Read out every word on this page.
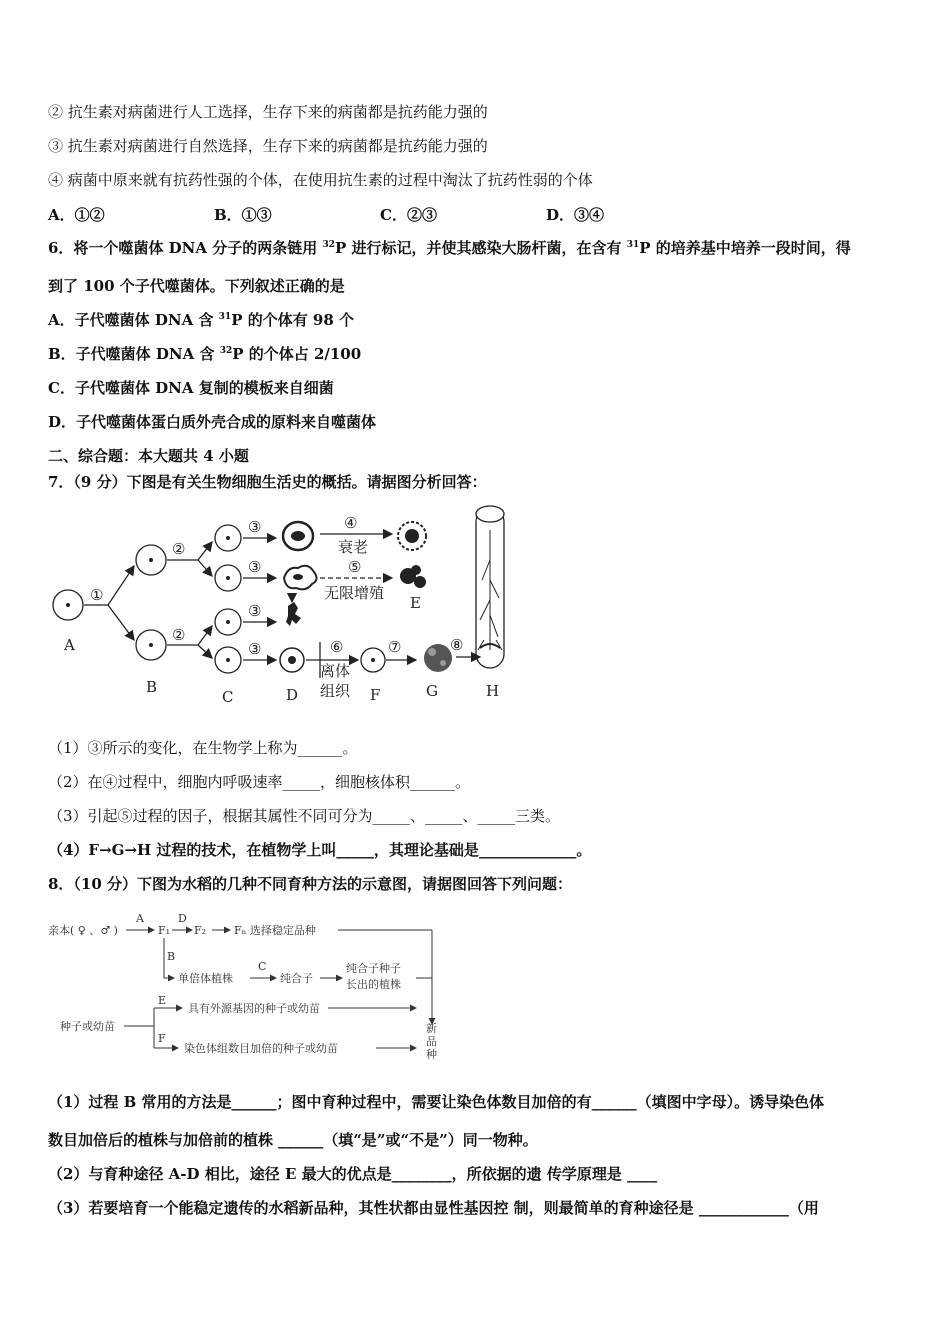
② 抗生素对病菌进行人工选择，生存下来的病菌都是抗药能力强的
③ 抗生素对病菌进行自然选择，生存下来的病菌都是抗药能力强的
④ 病菌中原来就有抗药性强的个体，在使用抗生素的过程中淘汰了抗药性弱的个体
A．①②	B．①③	C．②③	D．③④
6．将一个噬菌体 DNA 分子的两条链用 $^{32}$P 进行标记，并使其感染大肠杆菌，在含有 $^{31}$P 的培养基中培养一段时间，得
到了 100 个子代噬菌体。下列叙述正确的是
A．子代噬菌体 DNA 含 $^{31}$P 的个体有 98 个
B．子代噬菌体 DNA 含 $^{32}$P 的个体占 2/100
C．子代噬菌体 DNA 复制的模板来自细菌
D．子代噬菌体蛋白质外壳合成的原料来自噬菌体
二、综合题：本大题共 4 小题
7．（9 分）下图是有关生物细胞生活史的概括。请据图分析回答：
①
②
②
③
③
③
③
④
衰老
⑤
无限增殖
⑥
离体
组织
⑦	⑧
A
B
C	D
E
F	G	H
（1）③所示的变化，在生物学上称为______。
（2）在④过程中，细胞内呼吸速率_____，细胞核体积______。
（3）引起⑤过程的因子，根据其属性不同可分为_____、_____、_____三类。
（4）F→G→H 过程的技术，在植物学上叫_____，其理论基础是_____________。
8．（10 分）下图为水稻的几种不同育种方法的示意图，请据图回答下列问题：
亲本( ♀ 、♂ )
A
F₁
D
F₂	Fₙ 选择稳定品种
B
单倍体植株
C
纯合子
纯合子种子
长出的植株
E
具有外源基因的种子或幼苗
种子或幼苗
F
染色体组数目加倍的种子或幼苗
新
品
种
（1）过程 B 常用的方法是______；图中育种过程中，需要让染色体数目加倍的有______（填图中字母）。诱导染色体
数目加倍后的植株与加倍前的植株 ______（填“是”或“不是”）同一物种。
（2）与育种途径 A-D 相比，途径 E 最大的优点是________，所依据的遗 传学原理是 ____
（3）若要培育一个能稳定遗传的水稻新品种，其性状都由显性基因控 制，则最简单的育种途径是 ____________（用
